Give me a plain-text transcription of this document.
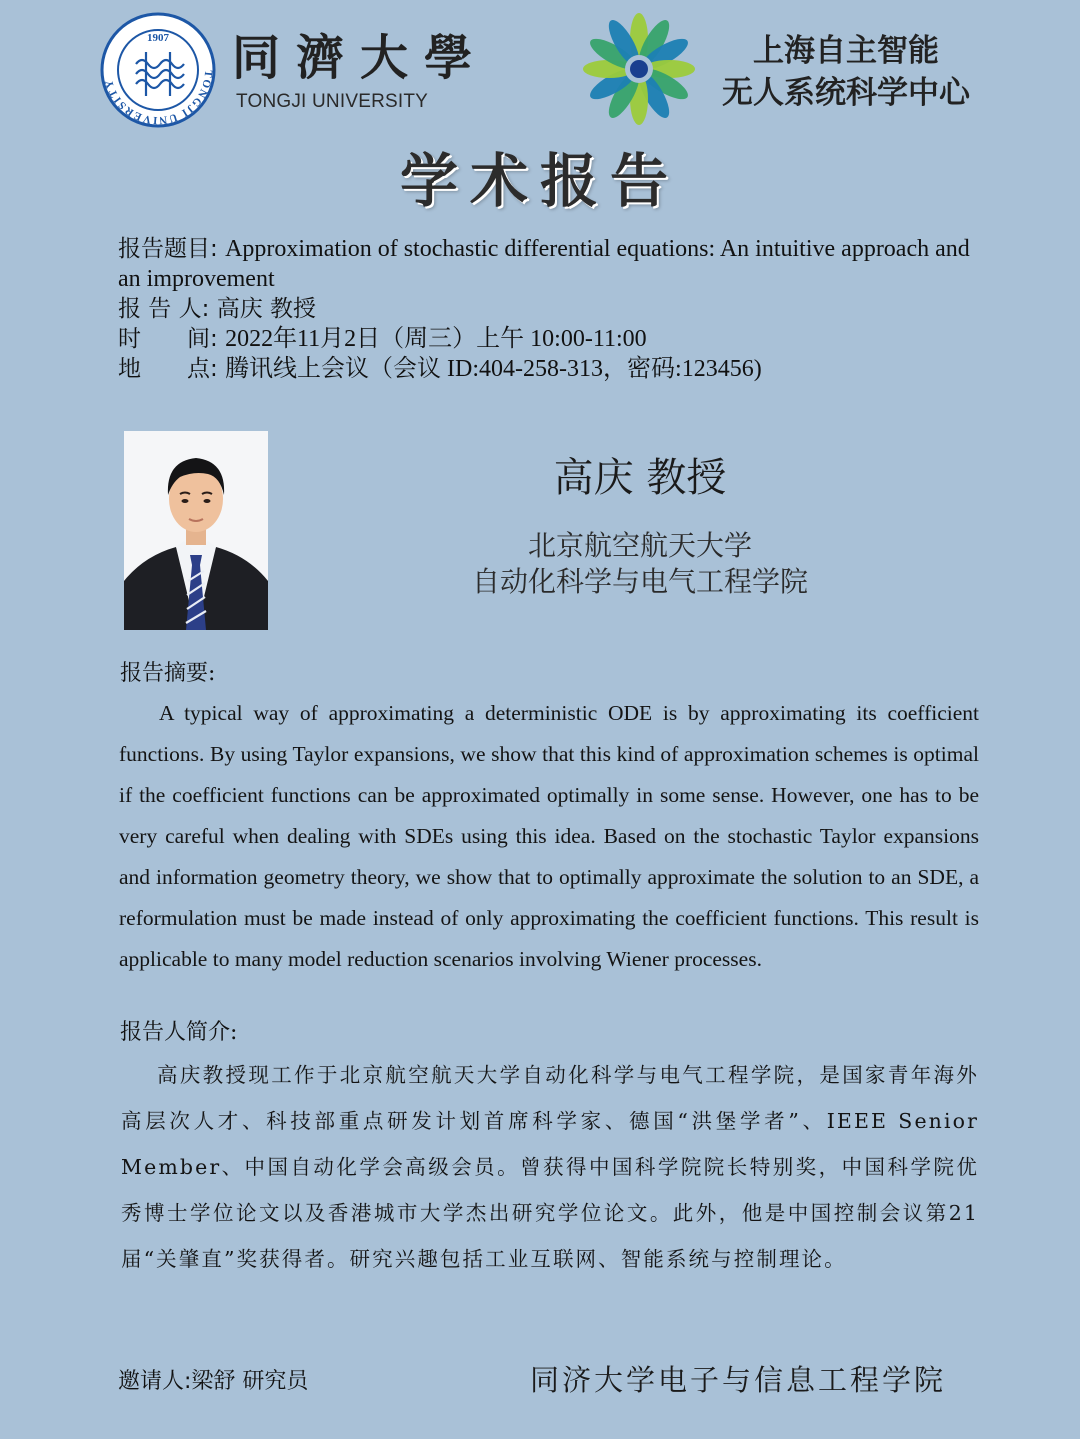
TONGJI UNIVERSITY
1907 同濟大學
TONGJI UNIVERSITY
上海自主智能
无人系统科学中心
学术报告
报告题目: Approximation of stochastic differential equations: An intuitive approach and an improvement
报 告 人: 高庆 教授
时　　间: 2022年11月2日（周三）上午 10:00-11:00
地　　点: 腾讯线上会议（会议 ID:404-258-313，密码:123456)
高庆 教授
北京航空航天大学
自动化科学与电气工程学院
报告摘要:
A typical way of approximating a deterministic ODE is by approximating its coefficient functions. By using Taylor expansions, we show that this kind of approximation schemes is optimal if the coefficient functions can be approximated optimally in some sense. However, one has to be very careful when dealing with SDEs using this idea. Based on the stochastic Taylor expansions and information geometry theory, we show that to optimally approximate the solution to an SDE, a reformulation must be made instead of only approximating the coefficient functions. This result is applicable to many model reduction scenarios involving Wiener processes.
报告人简介:
高庆教授现工作于北京航空航天大学自动化科学与电气工程学院，是国家青年海外高层次人才、科技部重点研发计划首席科学家、德国“洪堡学者”、IEEE Senior Member、中国自动化学会高级会员。曾获得中国科学院院长特别奖，中国科学院优秀博士学位论文以及香港城市大学杰出研究学位论文。此外，他是中国控制会议第21届“关肇直”奖获得者。研究兴趣包括工业互联网、智能系统与控制理论。
邀请人:梁舒 研究员	同济大学电子与信息工程学院
